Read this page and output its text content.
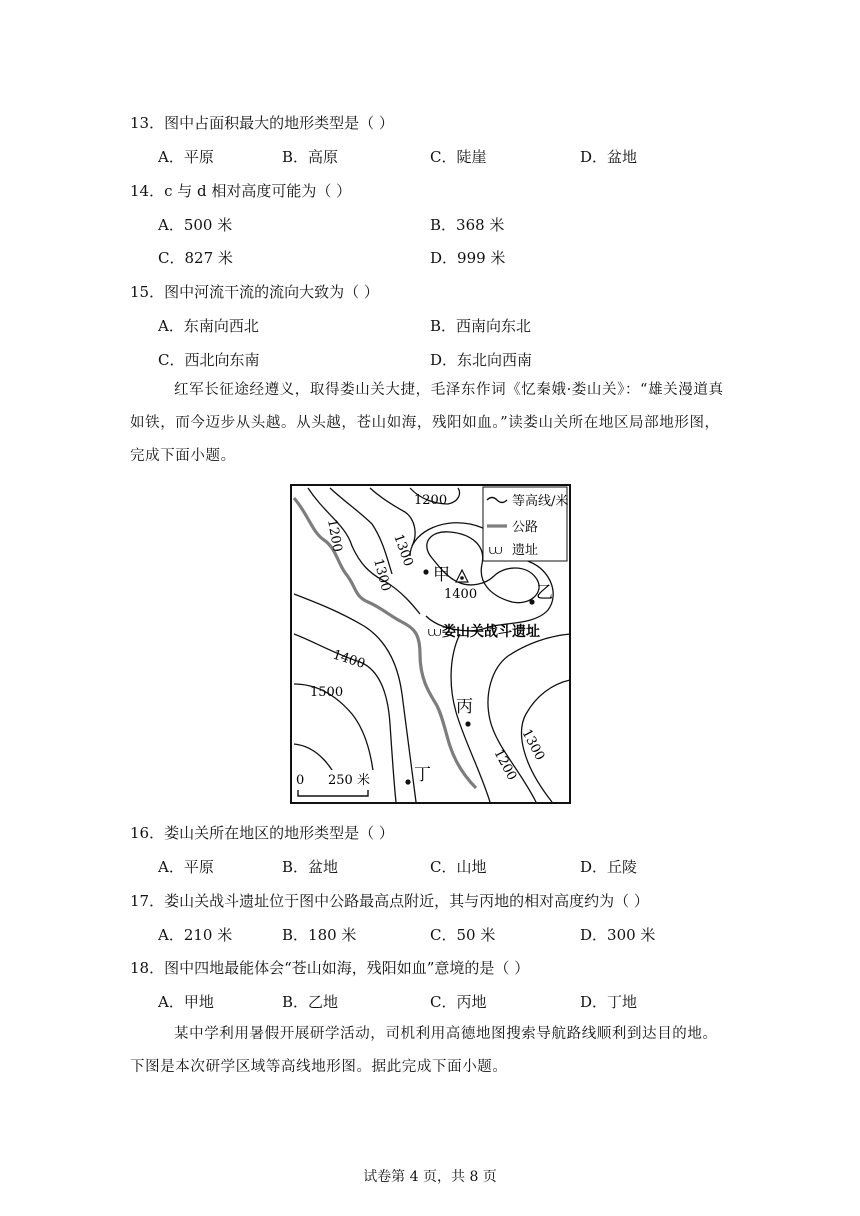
13．图中占面积最大的地形类型是（ ）
A．平原	B．高原	C．陡崖	D．盆地
14．c 与 d 相对高度可能为（ ）
A．500 米	B．368 米
C．827 米	D．999 米
15．图中河流干流的流向大致为（ ）
A．东南向西北	B．西南向东北
C．西北向东南	D．东北向西南
红军长征途经遵义，取得娄山关大捷，毛泽东作词《忆秦娥·娄山关》：“雄关漫道真
如铁，而今迈步从头越。从头越，苍山如海，残阳如血。”读娄山关所在地区局部地形图，
完成下面小题。
等高线/米
公路
⩊ 遗址
1200
1300
1200
1300
1400
1400
1500
1300
1200
⩊ 娄山关战斗遗址
甲
乙
丙
丁
0 250 米
16．娄山关所在地区的地形类型是（ ）
A．平原	B．盆地	C．山地	D．丘陵
17．娄山关战斗遗址位于图中公路最高点附近，其与丙地的相对高度约为（ ）
A．210 米	B．180 米	C．50 米	D．300 米
18．图中四地最能体会“苍山如海，残阳如血”意境的是（ ）
A．甲地	B．乙地	C．丙地	D．丁地
某中学利用暑假开展研学活动，司机利用高德地图搜索导航路线顺利到达目的地。
下图是本次研学区域等高线地形图。据此完成下面小题。
试卷第 4 页，共 8 页
